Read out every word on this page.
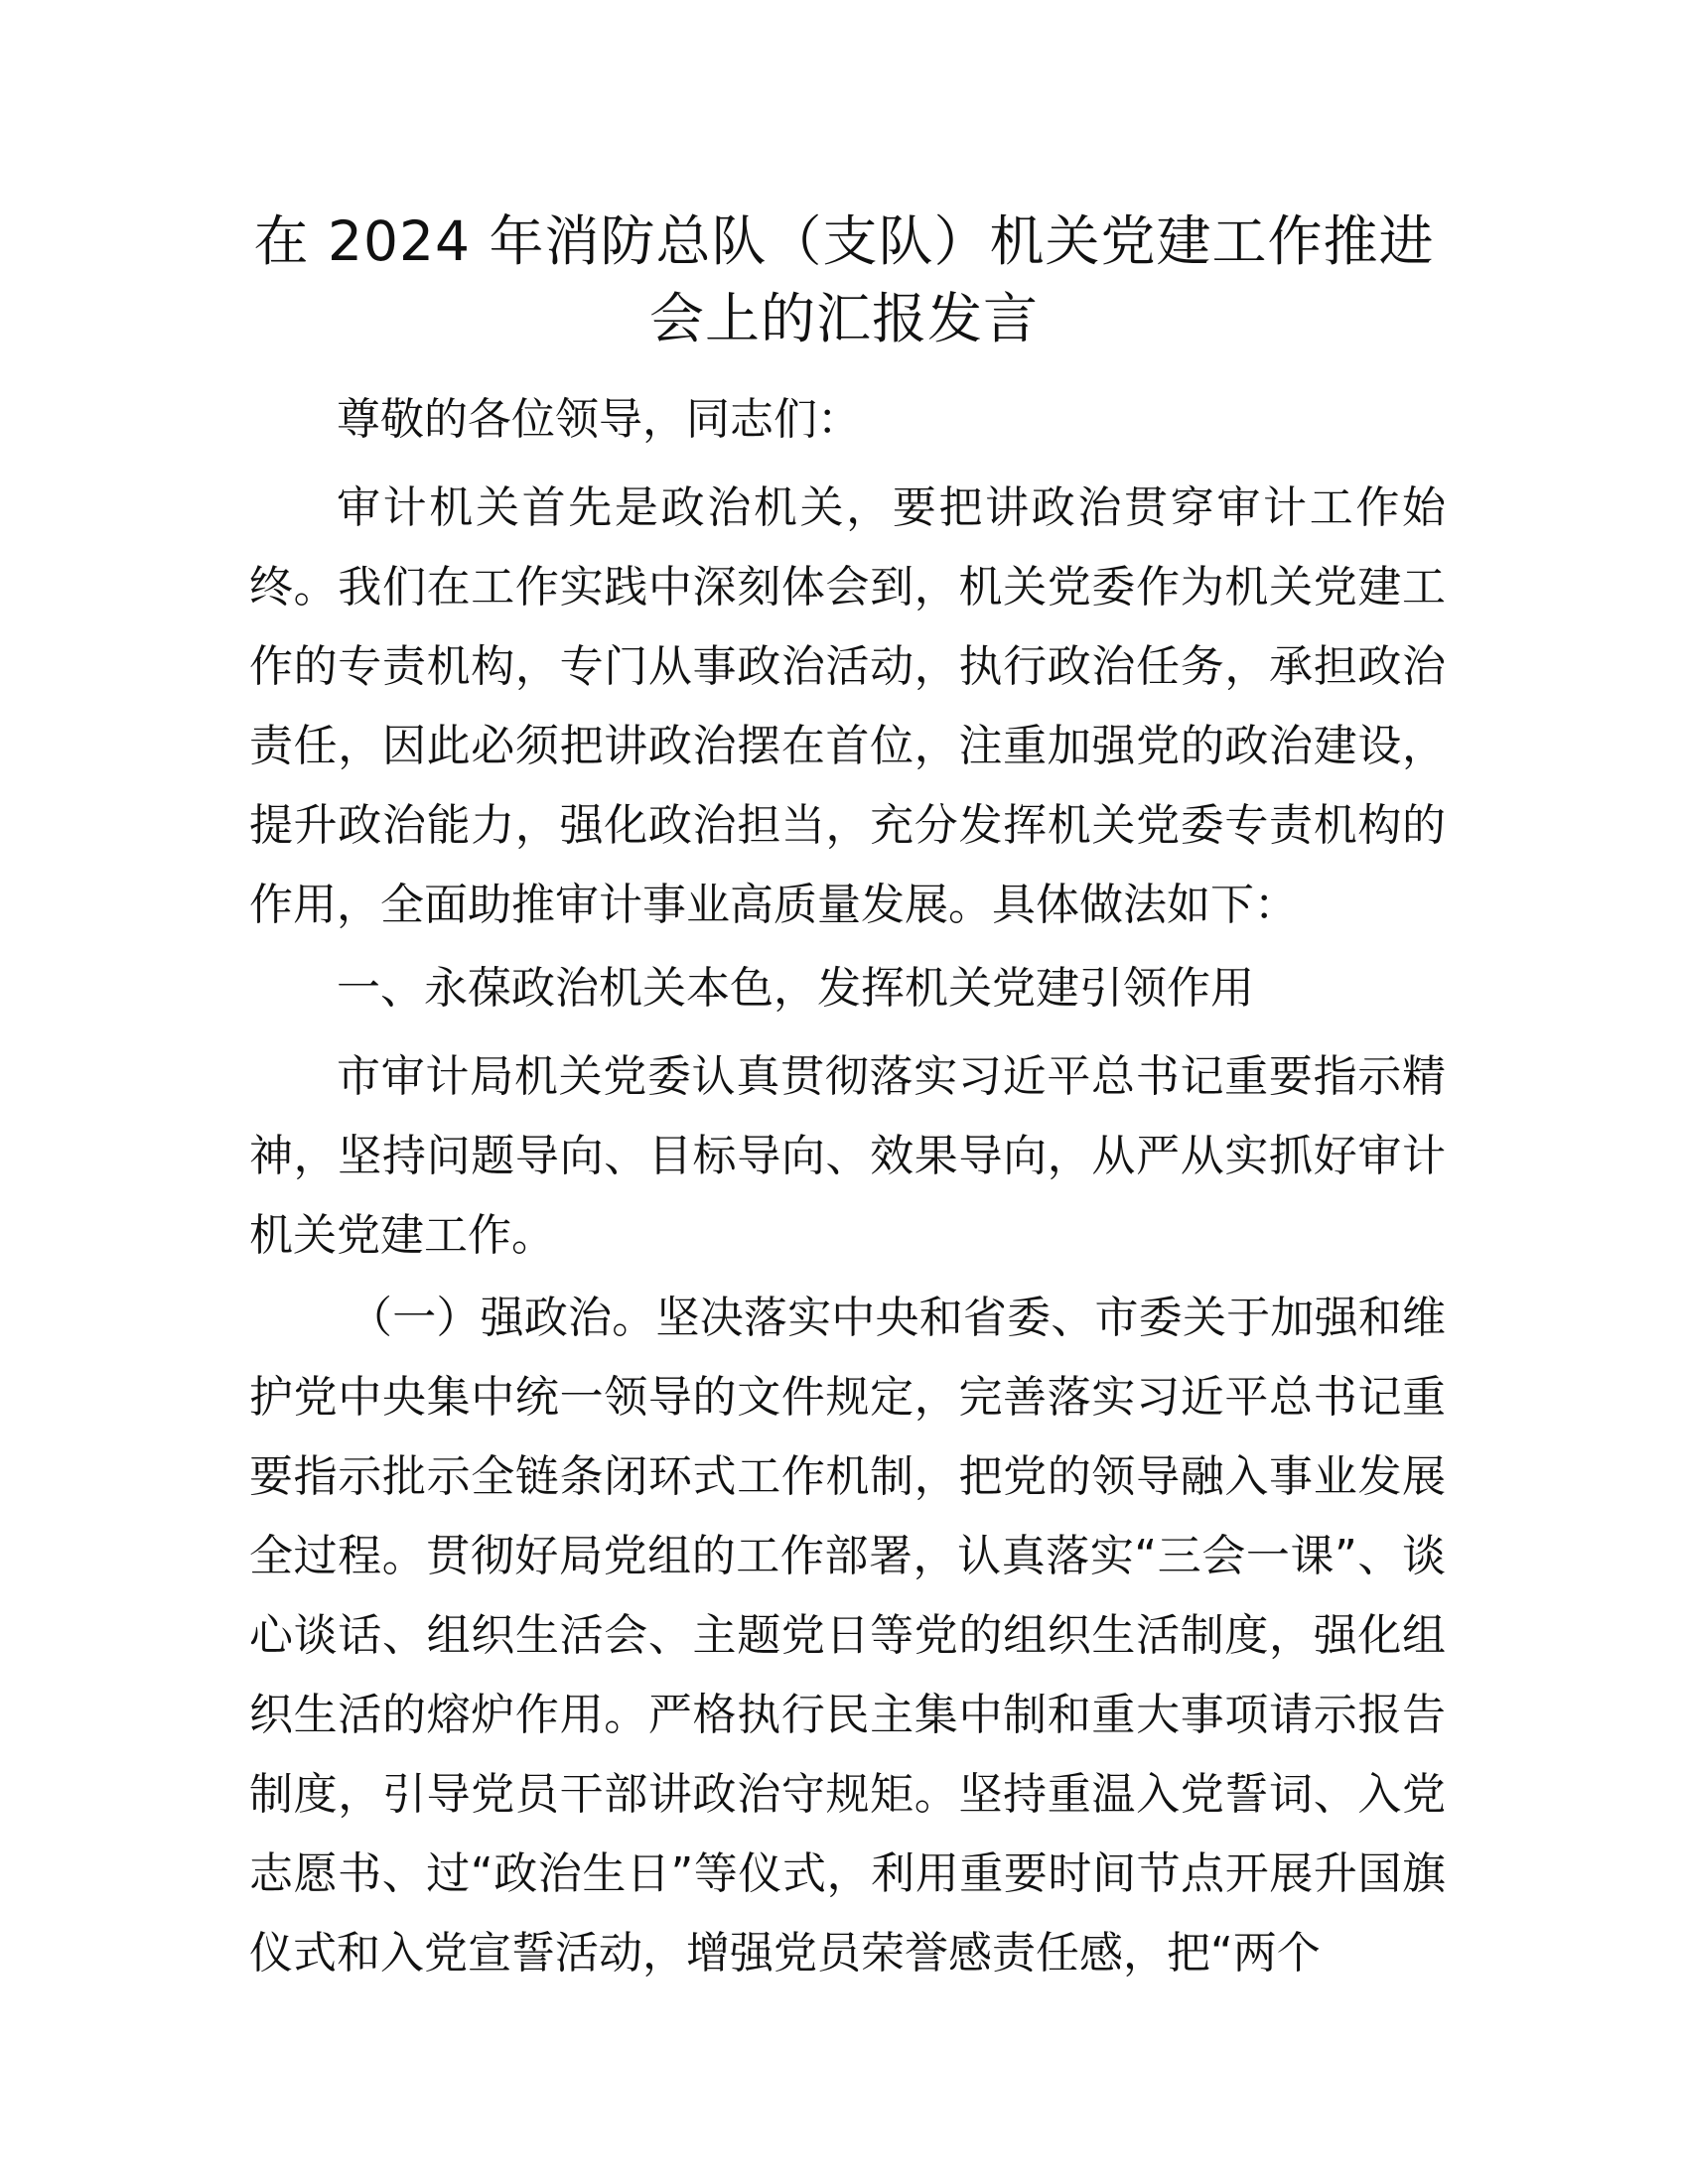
在 2024 年消防总队（支队）机关党建工作推进
会上的汇报发言

尊敬的各位领导，同志们：

审计机关首先是政治机关，要把讲政治贯穿审计工作始终。我们在工作实践中深刻体会到，机关党委作为机关党建工作的专责机构，专门从事政治活动，执行政治任务，承担政治责任，因此必须把讲政治摆在首位，注重加强党的政治建设，提升政治能力，强化政治担当，充分发挥机关党委专责机构的作用，全面助推审计事业高质量发展。具体做法如下：

一、永葆政治机关本色，发挥机关党建引领作用

市审计局机关党委认真贯彻落实习近平总书记重要指示精神，坚持问题导向、目标导向、效果导向，从严从实抓好审计机关党建工作。

（一）强政治。坚决落实中央和省委、市委关于加强和维护党中央集中统一领导的文件规定，完善落实习近平总书记重要指示批示全链条闭环式工作机制，把党的领导融入事业发展全过程。贯彻好局党组的工作部署，认真落实“三会一课”、谈心谈话、组织生活会、主题党日等党的组织生活制度，强化组织生活的熔炉作用。严格执行民主集中制和重大事项请示报告制度，引导党员干部讲政治守规矩。坚持重温入党誓词、入党志愿书、过“政治生日”等仪式，利用重要时间节点开展升国旗仪式和入党宣誓活动，增强党员荣誉感责任感，把“两个
